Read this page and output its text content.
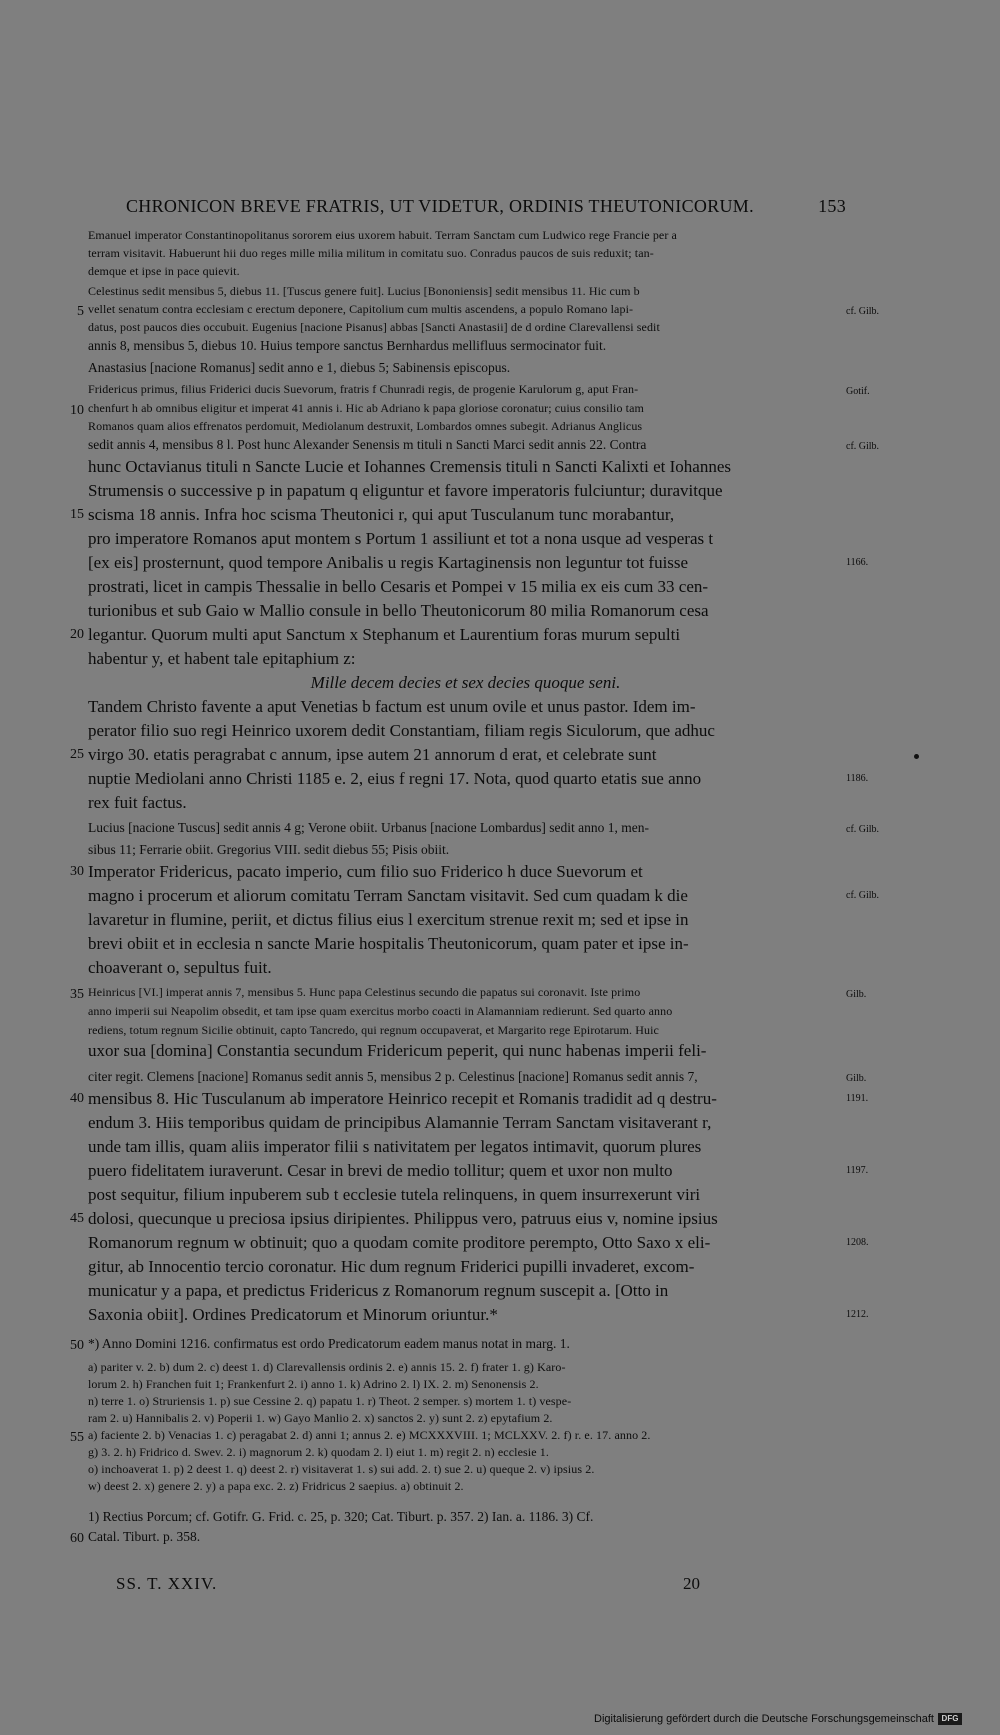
CHRONICON BREVE FRATRIS, UT VIDETUR, ORDINIS THEUTONICORUM.	153
Emanuel imperator Constantinopolitanus sororem eius uxorem habuit. Terram Sanctam cum Ludwico rege Francie per a
terram visitavit. Habuerunt hii duo reges mille milia militum in comitatu suo. Conradus paucos de suis reduxit; tan-
demque et ipse in pace quievit.
Celestinus sedit mensibus 5, diebus 11. [Tuscus genere fuit]. Lucius [Bononiensis] sedit mensibus 11. Hic cum b
vellet senatum contra ecclesiam c erectum deponere, Capitolium cum multis ascendens, a populo Romano lapi-
5	cf. Gilb.
datus, post paucos dies occubuit. Eugenius [nacione Pisanus] abbas [Sancti Anastasii] de d ordine Clarevallensi sedit
annis 8, mensibus 5, diebus 10. Huius tempore sanctus Bernhardus mellifluus sermocinator fuit.
Anastasius [nacione Romanus] sedit anno e 1, diebus 5; Sabinensis episcopus.
Fridericus primus, filius Friderici ducis Suevorum, fratris f Chunradi regis, de progenie Karulorum g, aput Fran-	Gotif.
chenfurt h ab omnibus eligitur et imperat 41 annis i. Hic ab Adriano k papa gloriose coronatur; cuius consilio tam
10
Romanos quam alios effrenatos perdomuit, Mediolanum destruxit, Lombardos omnes subegit. Adrianus Anglicus
sedit annis 4, mensibus 8 l. Post hunc Alexander Senensis m tituli n Sancti Marci sedit annis 22. Contra	cf. Gilb.
hunc Octavianus tituli n Sancte Lucie et Iohannes Cremensis tituli n Sancti Kalixti et Iohannes
Strumensis o successive p in papatum q eliguntur et favore imperatoris fulciuntur; duravitque
scisma 18 annis. Infra hoc scisma Theutonici r, qui aput Tusculanum tunc morabantur,
15
pro imperatore Romanos aput montem s Portum 1 assiliunt et tot a nona usque ad vesperas t
[ex eis] prosternunt, quod tempore Anibalis u regis Kartaginensis non leguntur tot fuisse	1166.
prostrati, licet in campis Thessalie in bello Cesaris et Pompei v 15 milia ex eis cum 33 cen-
turionibus et sub Gaio w Mallio consule in bello Theutonicorum 80 milia Romanorum cesa
legantur. Quorum multi aput Sanctum x Stephanum et Laurentium foras murum sepulti
20
habentur y, et habent tale epitaphium z:
Mille decem decies et sex decies quoque seni.
Tandem Christo favente a aput Venetias b factum est unum ovile et unus pastor. Idem im-
perator filio suo regi Heinrico uxorem dedit Constantiam, filiam regis Siculorum, que adhuc
virgo 30. etatis peragrabat c annum, ipse autem 21 annorum d erat, et celebrate sunt
25
nuptie Mediolani anno Christi 1185 e. 2, eius f regni 17. Nota, quod quarto etatis sue anno	1186.
rex fuit factus.
Lucius [nacione Tuscus] sedit annis 4 g; Verone obiit. Urbanus [nacione Lombardus] sedit anno 1, men-	cf. Gilb.
sibus 11; Ferrarie obiit. Gregorius VIII. sedit diebus 55; Pisis obiit.
Imperator Fridericus, pacato imperio, cum filio suo Friderico h duce Suevorum et
30
magno i procerum et aliorum comitatu Terram Sanctam visitavit. Sed cum quadam k die	cf. Gilb.
lavaretur in flumine, periit, et dictus filius eius l exercitum strenue rexit m; sed et ipse in
brevi obiit et in ecclesia n sancte Marie hospitalis Theutonicorum, quam pater et ipse in-
choaverant o, sepultus fuit.
Heinricus [VI.] imperat annis 7, mensibus 5. Hunc papa Celestinus secundo die papatus sui coronavit. Iste primo
35	Gilb.
anno imperii sui Neapolim obsedit, et tam ipse quam exercitus morbo coacti in Alamanniam redierunt. Sed quarto anno
rediens, totum regnum Sicilie obtinuit, capto Tancredo, qui regnum occupaverat, et Margarito rege Epirotarum. Huic
uxor sua [domina] Constantia secundum Fridericum peperit, qui nunc habenas imperii feli-
citer regit. Clemens [nacione] Romanus sedit annis 5, mensibus 2 p. Celestinus [nacione] Romanus sedit annis 7,	Gilb.
mensibus 8. Hic Tusculanum ab imperatore Heinrico recepit et Romanis tradidit ad q destru-
40	1191.
endum 3. Hiis temporibus quidam de principibus Alamannie Terram Sanctam visitaverant r,
unde tam illis, quam aliis imperator filii s nativitatem per legatos intimavit, quorum plures
puero fidelitatem iuraverunt. Cesar in brevi de medio tollitur; quem et uxor non multo	1197.
post sequitur, filium inpuberem sub t ecclesie tutela relinquens, in quem insurrexerunt viri
dolosi, quecunque u preciosa ipsius diripientes. Philippus vero, patruus eius v, nomine ipsius
45
Romanorum regnum w obtinuit; quo a quodam comite proditore perempto, Otto Saxo x eli-	1208.
gitur, ab Innocentio tercio coronatur. Hic dum regnum Friderici pupilli invaderet, excom-
municatur y a papa, et predictus Fridericus z Romanorum regnum suscepit a. [Otto in
Saxonia obiit]. Ordines Predicatorum et Minorum oriuntur.*	1212.
*) Anno Domini 1216. confirmatus est ordo Predicatorum eadem manus notat in marg. 1.
50
a) pariter v. 2. b) dum 2. c) deest 1. d) Clarevallensis ordinis 2. e) annis 15. 2. f) frater 1. g) Karo-
lorum 2. h) Franchen fuit 1; Frankenfurt 2. i) anno 1. k) Adrino 2. l) IX. 2. m) Senonensis 2.
n) terre 1. o) Struriensis 1. p) sue Cessine 2. q) papatu 1. r) Theot. 2 semper. s) mortem 1. t) vespe-
ram 2. u) Hannibalis 2. v) Poperii 1. w) Gayo Manlio 2. x) sanctos 2. y) sunt 2. z) epytafium 2.
a) faciente 2. b) Venacias 1. c) peragabat 2. d) anni 1; annus 2. e) MCXXXVIII. 1; MCLXXV. 2. f) r. e. 17. anno 2.
55
g) 3. 2. h) Fridrico d. Swev. 2. i) magnorum 2. k) quodam 2. l) eiut 1. m) regit 2. n) ecclesie 1.
o) inchoaverat 1. p) 2 deest 1. q) deest 2. r) visitaverat 1. s) sui add. 2. t) sue 2. u) queque 2. v) ipsius 2.
w) deest 2. x) genere 2. y) a papa exc. 2. z) Fridricus 2 saepius. a) obtinuit 2.
1) Rectius Porcum; cf. Gotifr. G. Frid. c. 25, p. 320; Cat. Tiburt. p. 357. 2) Ian. a. 1186. 3) Cf.
Catal. Tiburt. p. 358.
60
SS. T. XXIV.	20
Digitalisierung gefördert durch die Deutsche Forschungsgemeinschaft DFG
